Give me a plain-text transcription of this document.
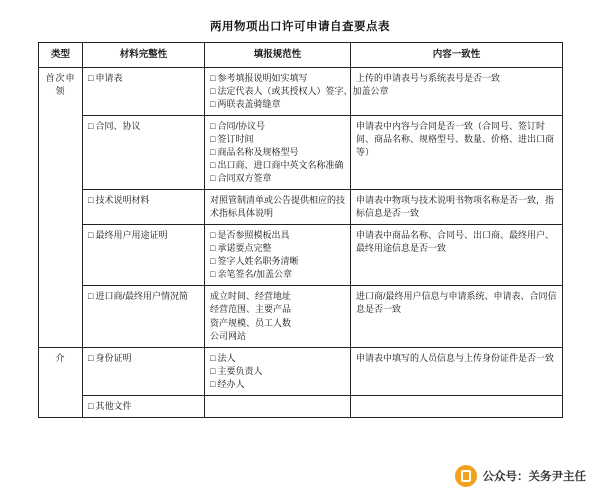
两用物项出口许可申请自查要点表
类型	材料完整性	填报规范性	内容一致性
首次申领	□ 申请表	□ 参考填报说明如实填写
□ 法定代表人（或其授权人）签字、加盖公章
□ 两联表盖骑缝章	上传的申请表号与系统表号是否一致

	□ 合同、协议	□ 合同/协议号
□ 签订时间
□ 商品名称及规格型号
□ 出口商、进口商中英文名称准确
□ 合同双方签章	申请表中内容与合同是否一致（合同号、签订时间、商品名称、规格型号、数量、价格、进出口商等）

	□ 技术说明材料	对照管制清单或公告提供相应的技术指标具体说明	申请表中物项与技术说明书物项名称是否一致，指标信息是否一致

	□ 最终用户用途证明	□ 是否参照模板出具
□ 承诺要点完整
□ 签字人姓名职务清晰
□ 亲笔签名/加盖公章	申请表中商品名称、合同号、出口商、最终用户、最终用途信息是否一致

	□ 进口商/最终用户情况简	成立时间、经营地址
经营范围、主要产品
资产规模、员工人数
公司网站	进口商/最终用户信息与申请系统、申请表、合同信息是否一致
介	□ 身份证明	□ 法人
□ 主要负责人
□ 经办人	申请表中填写的人员信息与上传身份证件是否一致

	□ 其他文件

公众号：关务尹主任
